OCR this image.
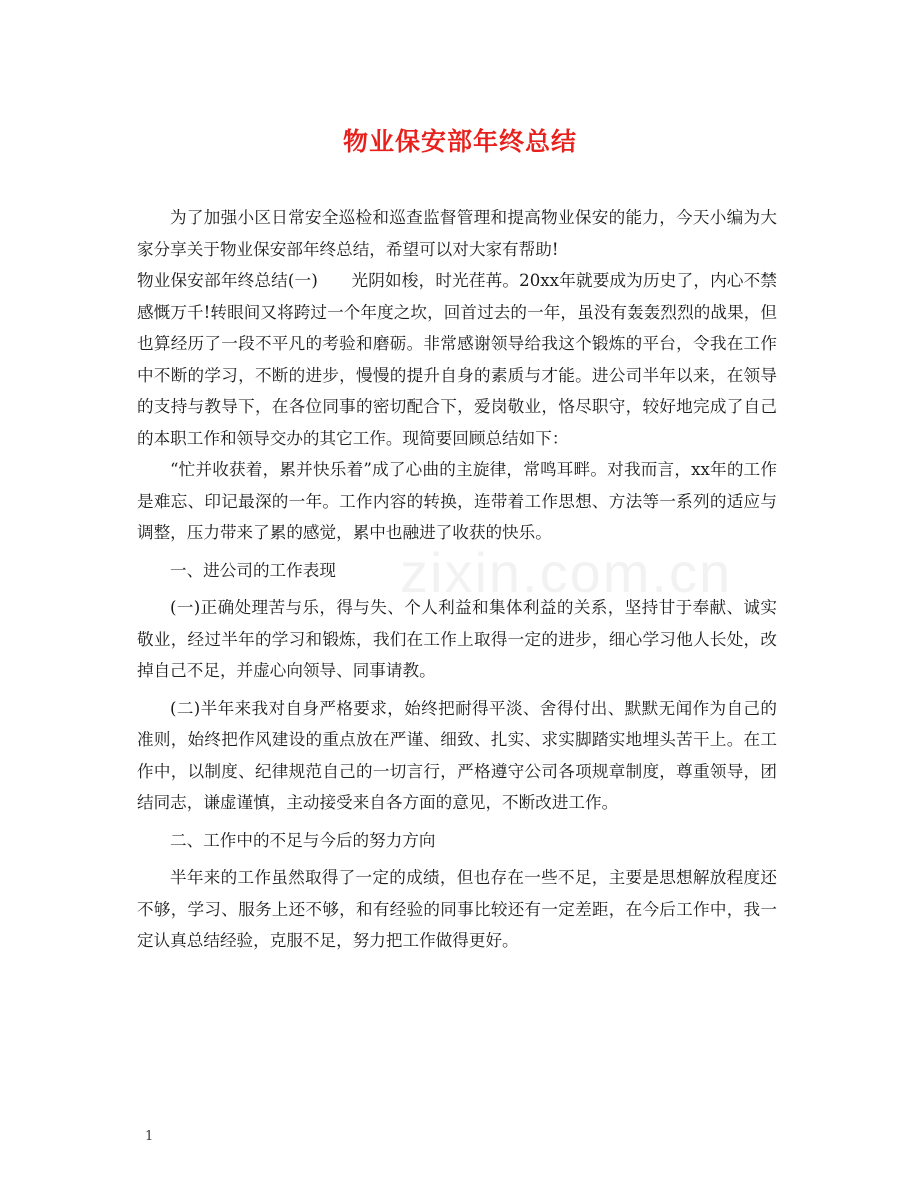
zixin.com.cn
物业保安部年终总结

为了加强小区日常安全巡检和巡查监督管理和提高物业保安的能力，今天小编为大家分享关于物业保安部年终总结，希望可以对大家有帮助!

物业保安部年终总结(一)　　光阴如梭，时光荏苒。20xx年就要成为历史了，内心不禁感慨万千!转眼间又将跨过一个年度之坎，回首过去的一年，虽没有轰轰烈烈的战果，但也算经历了一段不平凡的考验和磨砺。非常感谢领导给我这个锻炼的平台，令我在工作中不断的学习，不断的进步，慢慢的提升自身的素质与才能。进公司半年以来，在领导的支持与教导下，在各位同事的密切配合下，爱岗敬业，恪尽职守，较好地完成了自己的本职工作和领导交办的其它工作。现简要回顾总结如下：

“忙并收获着，累并快乐着”成了心曲的主旋律，常鸣耳畔。对我而言，xx年的工作是难忘、印记最深的一年。工作内容的转换，连带着工作思想、方法等一系列的适应与调整，压力带来了累的感觉，累中也融进了收获的快乐。

一、进公司的工作表现

(一)正确处理苦与乐，得与失、个人利益和集体利益的关系，坚持甘于奉献、诚实敬业，经过半年的学习和锻炼，我们在工作上取得一定的进步，细心学习他人长处，改掉自己不足，并虚心向领导、同事请教。

(二)半年来我对自身严格要求，始终把耐得平淡、舍得付出、默默无闻作为自己的准则，始终把作风建设的重点放在严谨、细致、扎实、求实脚踏实地埋头苦干上。在工作中，以制度、纪律规范自己的一切言行，严格遵守公司各项规章制度，尊重领导，团结同志，谦虚谨慎，主动接受来自各方面的意见，不断改进工作。

二、工作中的不足与今后的努力方向

半年来的工作虽然取得了一定的成绩，但也存在一些不足，主要是思想解放程度还不够，学习、服务上还不够，和有经验的同事比较还有一定差距，在今后工作中，我一定认真总结经验，克服不足，努力把工作做得更好。

1
